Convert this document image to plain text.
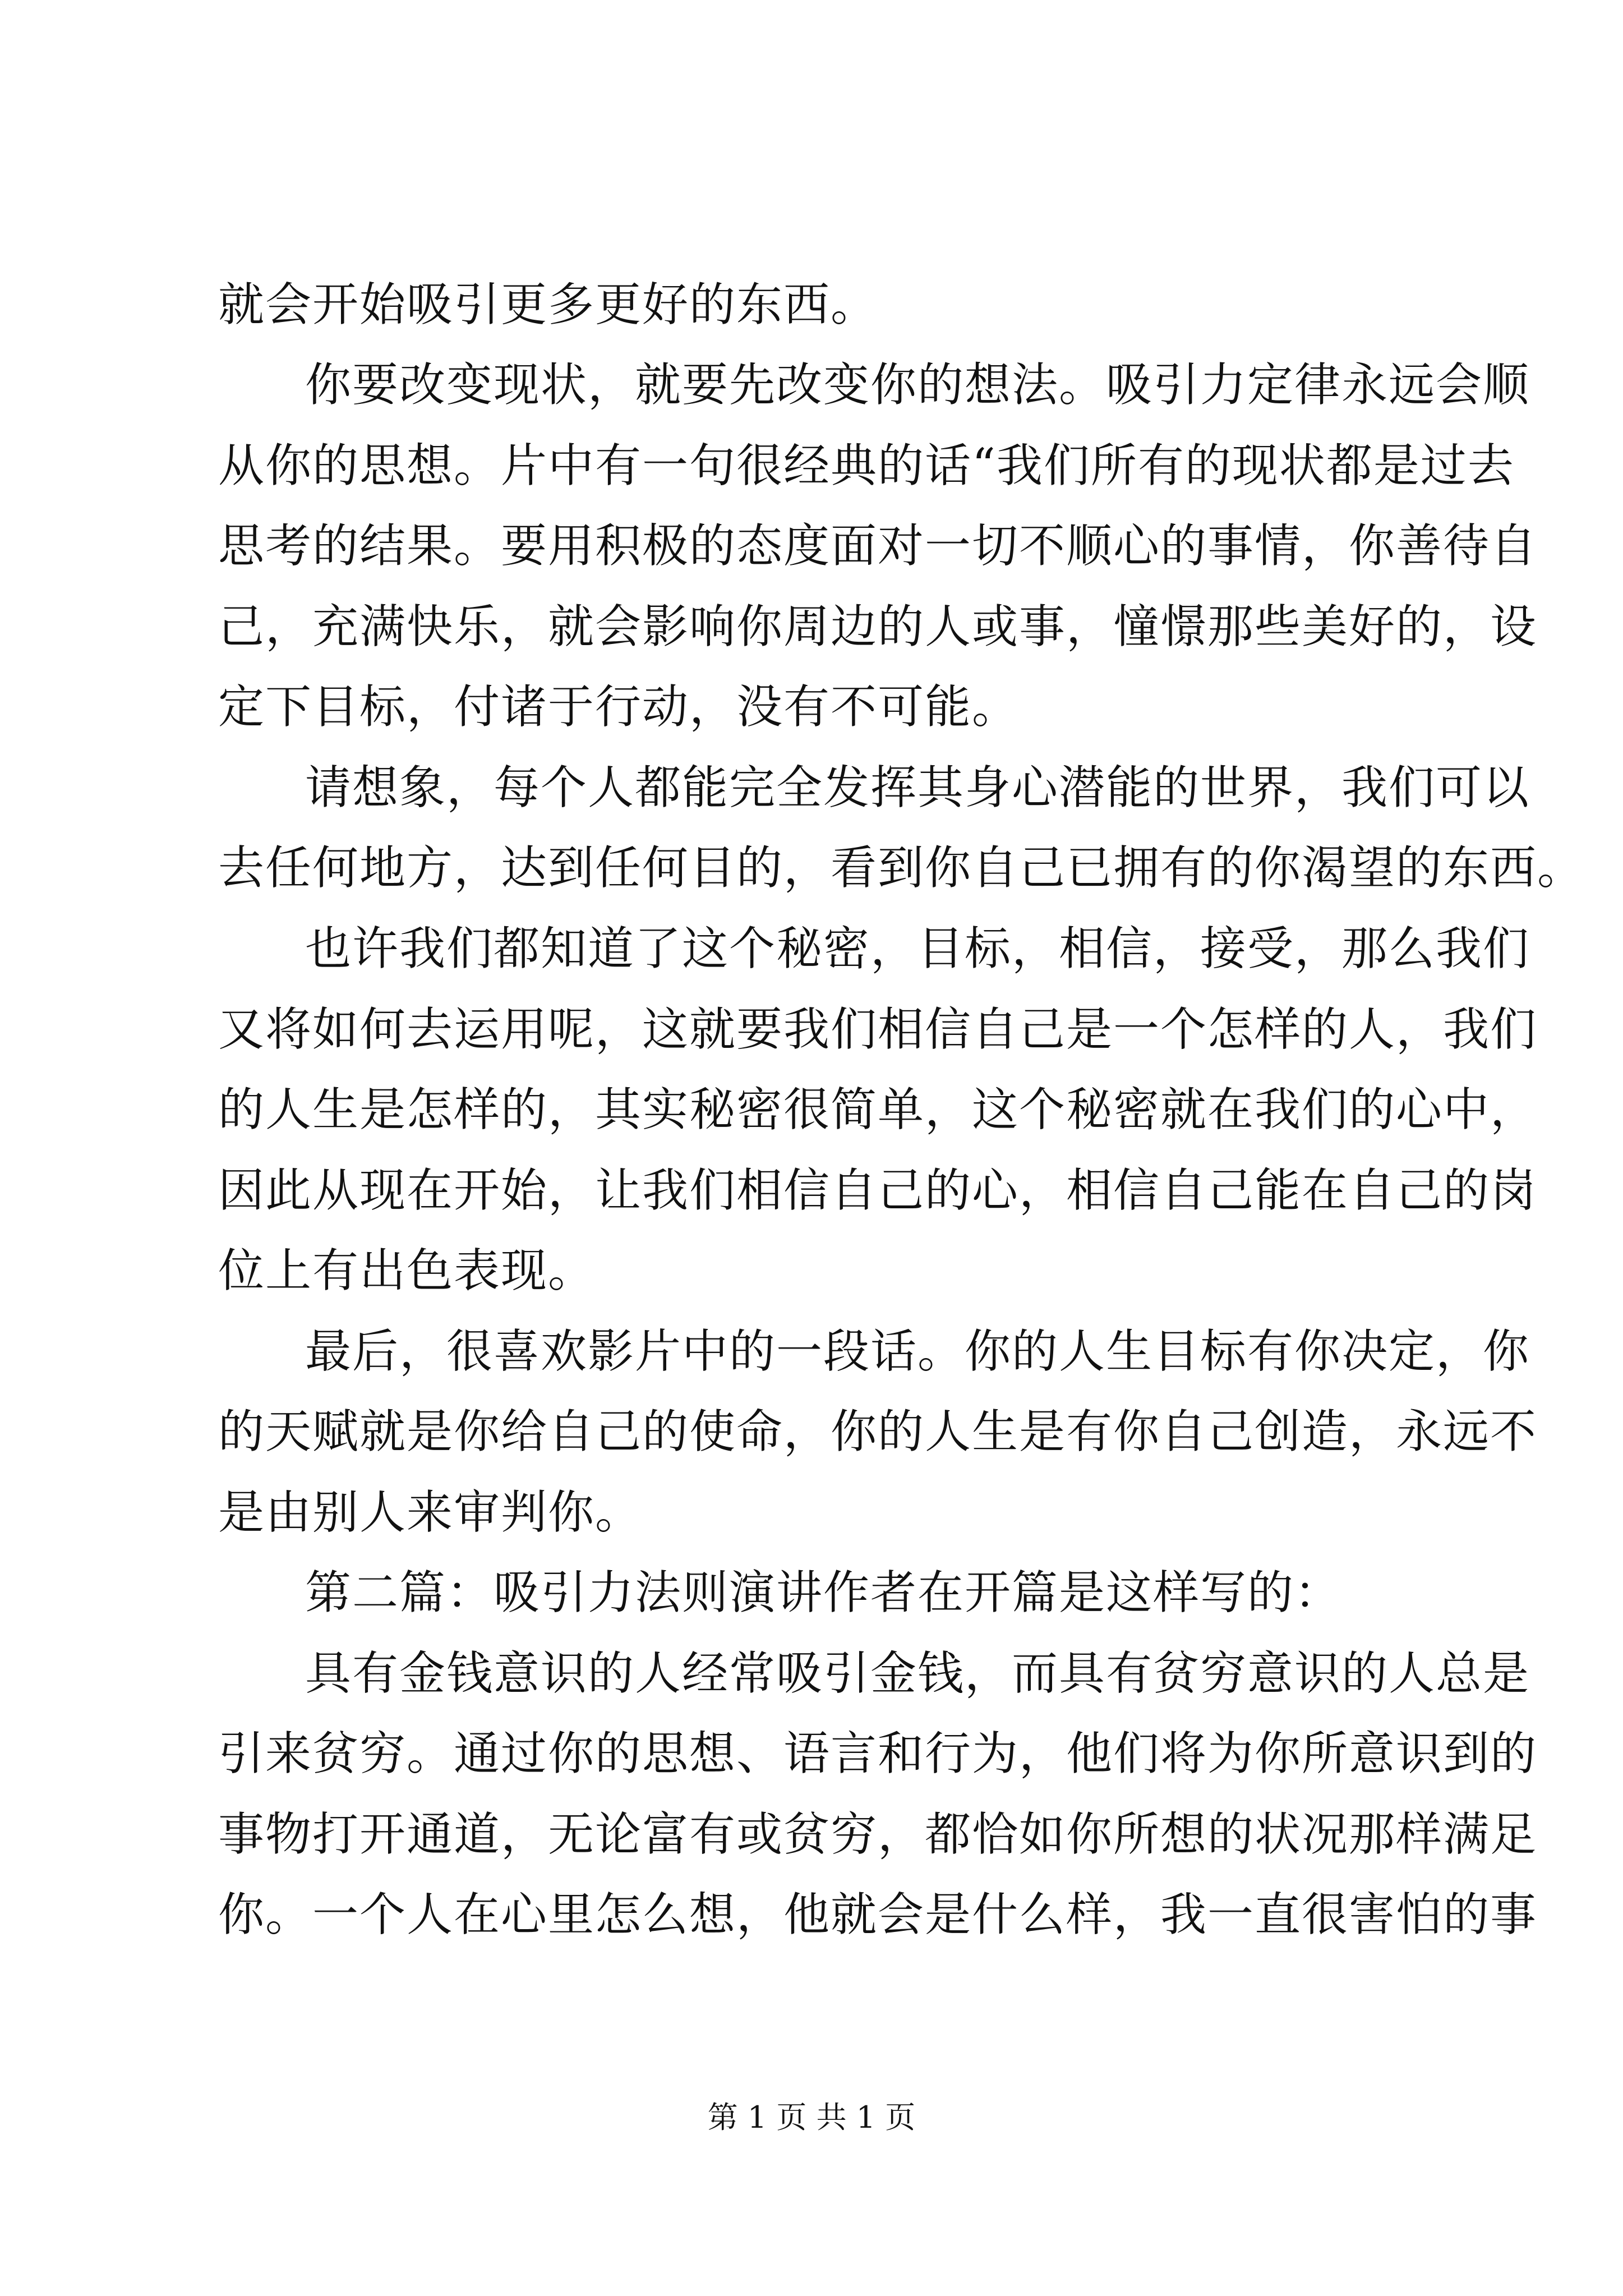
就会开始吸引更多更好的东西。
你要改变现状，就要先改变你的想法。吸引力定律永远会顺
从你的思想。片中有一句很经典的话“我们所有的现状都是过去
思考的结果。要用积极的态度面对一切不顺心的事情，你善待自
己，充满快乐，就会影响你周边的人或事，憧憬那些美好的，设
定下目标，付诸于行动，没有不可能。
请想象，每个人都能完全发挥其身心潜能的世界，我们可以
去任何地方，达到任何目的，看到你自己已拥有的你渴望的东西。
也许我们都知道了这个秘密，目标，相信，接受，那么我们
又将如何去运用呢，这就要我们相信自己是一个怎样的人，我们
的人生是怎样的，其实秘密很简单，这个秘密就在我们的心中，
因此从现在开始，让我们相信自己的心，相信自己能在自己的岗
位上有出色表现。
最后，很喜欢影片中的一段话。你的人生目标有你决定，你
的天赋就是你给自己的使命，你的人生是有你自己创造，永远不
是由别人来审判你。
第二篇：吸引力法则演讲作者在开篇是这样写的：
具有金钱意识的人经常吸引金钱，而具有贫穷意识的人总是
引来贫穷。通过你的思想、语言和行为，他们将为你所意识到的
事物打开通道，无论富有或贫穷，都恰如你所想的状况那样满足
你。一个人在心里怎么想，他就会是什么样，我一直很害怕的事
第 1 页 共 1 页
